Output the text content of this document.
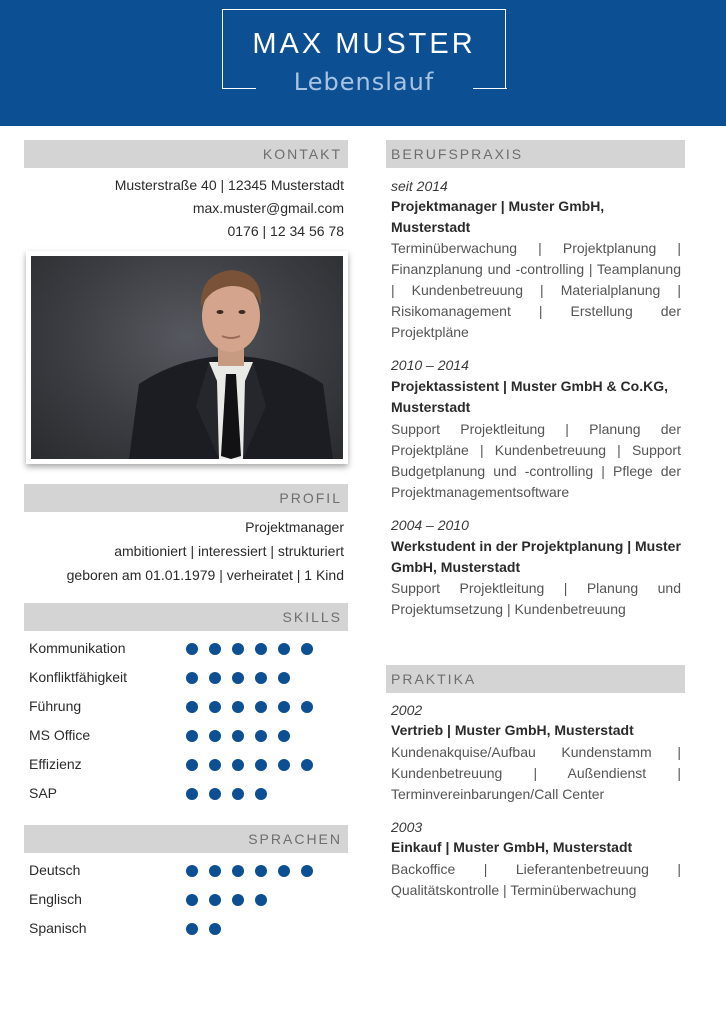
MAX MUSTER
Lebenslauf
KONTAKT
Musterstraße 40 | 12345 Musterstadt
max.muster@gmail.com
0176 | 12 34 56 78
PROFIL
Projektmanager
ambitioniert | interessiert | strukturiert
geboren am 01.01.1979 | verheiratet | 1 Kind
SKILLS
Kommunikation
Konfliktfähigkeit
Führung
MS Office
Effizienz
SAP
SPRACHEN
Deutsch
Englisch
Spanisch
BERUFSPRAXIS
seit 2014
Projektmanager | Muster GmbH, Musterstadt
Terminüberwachung | Projektplanung | Finanzplanung und -controlling | Teamplanung | Kundenbetreuung | Materialplanung | Risikomanagement | Erstellung der Projektpläne
2010 – 2014
Projektassistent | Muster GmbH & Co.KG, Musterstadt
Support Projektleitung | Planung der Projektpläne | Kundenbetreuung | Support Budgetplanung und -controlling | Pflege der Projektmanagementsoftware
2004 – 2010
Werkstudent in der Projektplanung | Muster GmbH, Musterstadt
Support Projektleitung | Planung und Projektumsetzung | Kundenbetreuung
PRAKTIKA
2002
Vertrieb | Muster GmbH, Musterstadt
Kundenakquise/Aufbau Kundenstamm | Kundenbetreuung | Außendienst | Terminvereinbarungen/Call Center
2003
Einkauf | Muster GmbH, Musterstadt
Backoffice | Lieferantenbetreuung | Qualitätskontrolle | Terminüberwachung
